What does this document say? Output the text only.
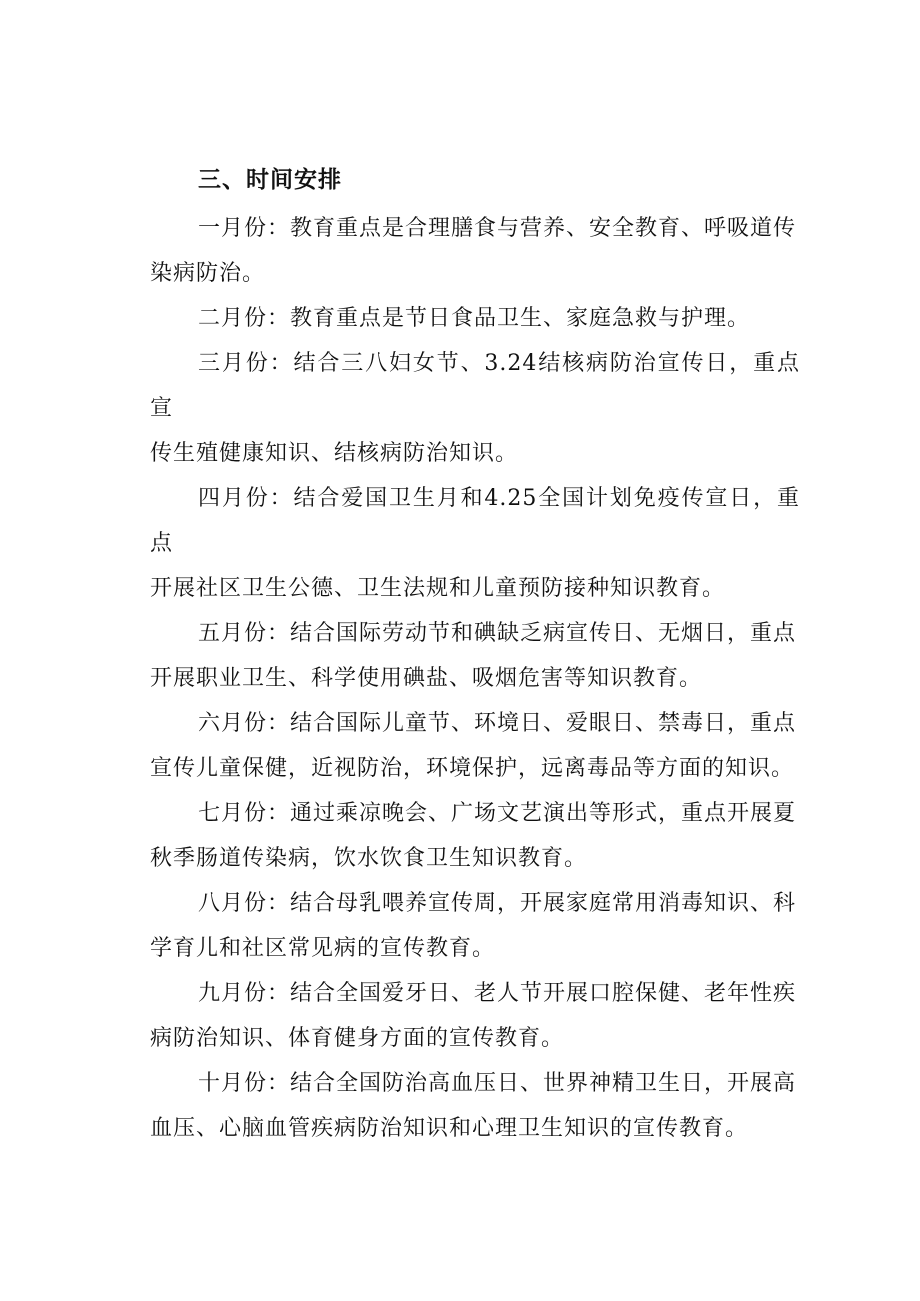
三、时间安排
一月份：教育重点是合理膳食与营养、安全教育、呼吸道传
染病防治。
二月份：教育重点是节日食品卫生、家庭急救与护理。
三月份：结合三八妇女节、3.24结核病防治宣传日，重点宣
传生殖健康知识、结核病防治知识。
四月份：结合爱国卫生月和4.25全国计划免疫传宣日，重点
开展社区卫生公德、卫生法规和儿童预防接种知识教育。
五月份：结合国际劳动节和碘缺乏病宣传日、无烟日，重点
开展职业卫生、科学使用碘盐、吸烟危害等知识教育。
六月份：结合国际儿童节、环境日、爱眼日、禁毒日，重点
宣传儿童保健，近视防治，环境保护，远离毒品等方面的知识。
七月份：通过乘凉晚会、广场文艺演出等形式，重点开展夏
秋季肠道传染病，饮水饮食卫生知识教育。
八月份：结合母乳喂养宣传周，开展家庭常用消毒知识、科
学育儿和社区常见病的宣传教育。
九月份：结合全国爱牙日、老人节开展口腔保健、老年性疾
病防治知识、体育健身方面的宣传教育。
十月份：结合全国防治高血压日、世界神精卫生日，开展高
血压、心脑血管疾病防治知识和心理卫生知识的宣传教育。
